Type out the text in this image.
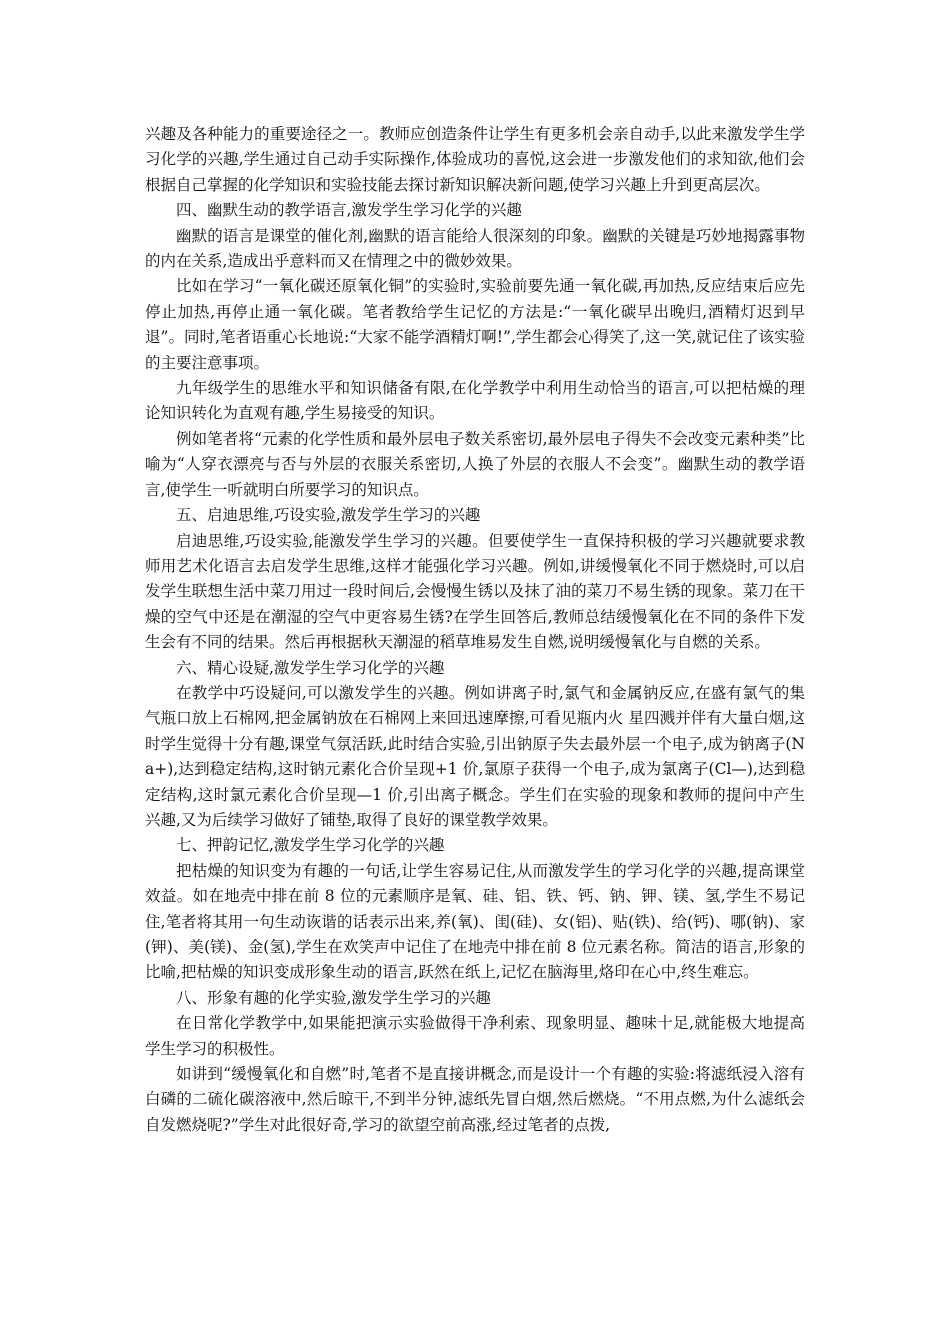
兴趣及各种能力的重要途径之一。教师应创造条件让学生有更多机会亲自动手,以此来激发学生学习化学的兴趣,学生通过自己动手实际操作,体验成功的喜悦,这会进一步激发他们的求知欲,他们会根据自己掌握的化学知识和实验技能去探讨新知识解决新问题,使学习兴趣上升到更高层次。

四、幽默生动的教学语言,激发学生学习化学的兴趣

幽默的语言是课堂的催化剂,幽默的语言能给人很深刻的印象。幽默的关键是巧妙地揭露事物的内在关系,造成出乎意料而又在情理之中的微妙效果。

比如在学习“一氧化碳还原氧化铜”的实验时,实验前要先通一氧化碳,再加热,反应结束后应先停止加热,再停止通一氧化碳。笔者教给学生记忆的方法是:“一氧化碳早出晚归,酒精灯迟到早退”。同时,笔者语重心长地说:“大家不能学酒精灯啊!”,学生都会心得笑了,这一笑,就记住了该实验的主要注意事项。

九年级学生的思维水平和知识储备有限,在化学教学中利用生动恰当的语言,可以把枯燥的理论知识转化为直观有趣,学生易接受的知识。

例如笔者将“元素的化学性质和最外层电子数关系密切,最外层电子得失不会改变元素种类”比喻为“人穿衣漂亮与否与外层的衣服关系密切,人换了外层的衣服人不会变”。幽默生动的教学语言,使学生一听就明白所要学习的知识点。

五、启迪思维,巧设实验,激发学生学习的兴趣

启迪思维,巧设实验,能激发学生学习的兴趣。但要使学生一直保持积极的学习兴趣就要求教师用艺术化语言去启发学生思维,这样才能强化学习兴趣。例如,讲缓慢氧化不同于燃烧时,可以启发学生联想生活中菜刀用过一段时间后,会慢慢生锈以及抹了油的菜刀不易生锈的现象。菜刀在干燥的空气中还是在潮湿的空气中更容易生锈?在学生回答后,教师总结缓慢氧化在不同的条件下发生会有不同的结果。然后再根据秋天潮湿的稻草堆易发生自燃,说明缓慢氧化与自燃的关系。

六、精心设疑,激发学生学习化学的兴趣

在教学中巧设疑问,可以激发学生的兴趣。例如讲离子时,氯气和金属钠反应,在盛有氯气的集气瓶口放上石棉网,把金属钠放在石棉网上来回迅速摩擦,可看见瓶内火 星四溅并伴有大量白烟,这时学生觉得十分有趣,课堂气氛活跃,此时结合实验,引出钠原子失去最外层一个电子,成为钠离子(Na+),达到稳定结构,这时钠元素化合价呈现+1 价,氯原子获得一个电子,成为氯离子(Cl—),达到稳定结构,这时氯元素化合价呈现—1 价,引出离子概念。学生们在实验的现象和教师的提问中产生兴趣,又为后续学习做好了铺垫,取得了良好的课堂教学效果。

七、押韵记忆,激发学生学习化学的兴趣

把枯燥的知识变为有趣的一句话,让学生容易记住,从而激发学生的学习化学的兴趣,提高课堂效益。如在地壳中排在前 8 位的元素顺序是氧、硅、铝、铁、钙、钠、钾、镁、氢,学生不易记住,笔者将其用一句生动诙谐的话表示出来,养(氧)、闺(硅)、女(铝)、贴(铁)、给(钙)、哪(钠)、家(钾)、美(镁)、金(氢),学生在欢笑声中记住了在地壳中排在前 8 位元素名称。简洁的语言,形象的比喻,把枯燥的知识变成形象生动的语言,跃然在纸上,记忆在脑海里,烙印在心中,终生难忘。

八、形象有趣的化学实验,激发学生学习的兴趣

在日常化学教学中,如果能把演示实验做得干净利索、现象明显、趣味十足,就能极大地提高学生学习的积极性。

如讲到“缓慢氧化和自燃”时,笔者不是直接讲概念,而是设计一个有趣的实验:将滤纸浸入溶有白磷的二硫化碳溶液中,然后晾干,不到半分钟,滤纸先冒白烟,然后燃烧。“不用点燃,为什么滤纸会自发燃烧呢?”学生对此很好奇,学习的欲望空前高涨,经过笔者的点拨,
